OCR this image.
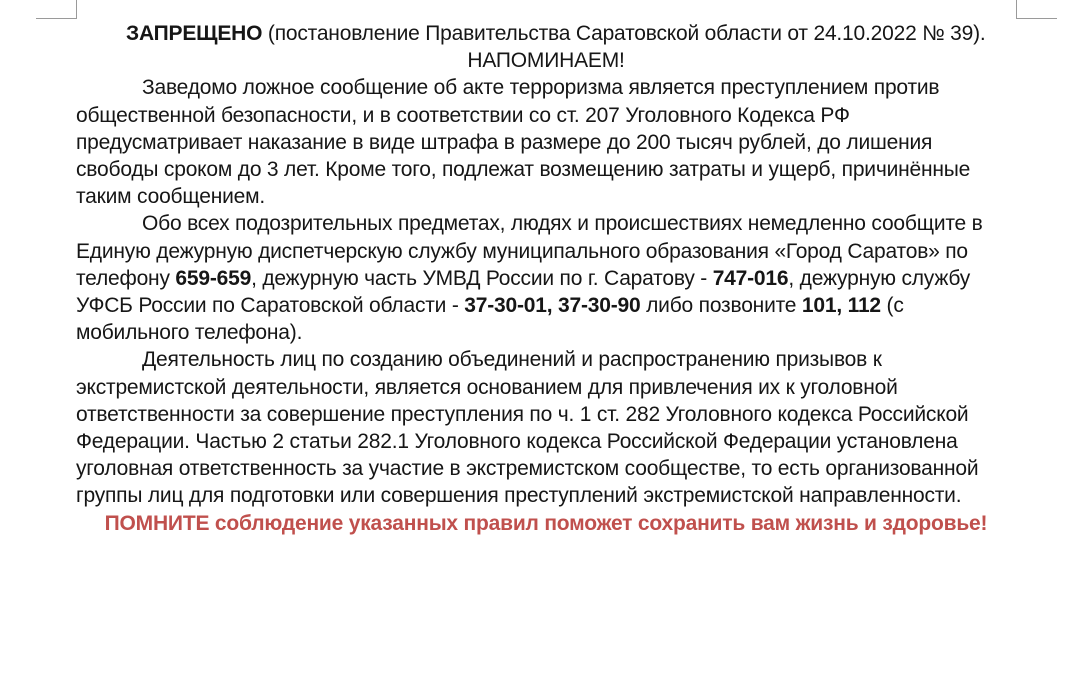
ЗАПРЕЩЕНО (постановление Правительства Саратовской области от 24.10.2022 № 39).

НАПОМИНАЕМ!

Заведомо ложное сообщение об акте терроризма является преступлением против общественной безопасности, и в соответствии со ст. 207 Уголовного Кодекса РФ предусматривает наказание в виде штрафа в размере до 200 тысяч рублей, до лишения свободы сроком до 3 лет. Кроме того, подлежат возмещению затраты и ущерб, причинённые таким сообщением.

Обо всех подозрительных предметах, людях и происшествиях немедленно сообщите в Единую дежурную диспетчерскую службу муниципального образования «Город Саратов» по телефону 659-659, дежурную часть УМВД России по г. Саратову - 747-016, дежурную службу УФСБ России по Саратовской области - 37-30-01, 37-30-90 либо позвоните 101, 112 (с мобильного телефона).

Деятельность лиц по созданию объединений и распространению призывов к экстремистской деятельности, является основанием для привлечения их к уголовной ответственности за совершение преступления по ч. 1 ст. 282 Уголовного кодекса Российской Федерации. Частью 2 статьи 282.1 Уголовного кодекса Российской Федерации установлена уголовная ответственность за участие в экстремистском сообществе, то есть организованной группы лиц для подготовки или совершения преступлений экстремистской направленности.

ПОМНИТЕ соблюдение указанных правил поможет сохранить вам жизнь и здоровье!
